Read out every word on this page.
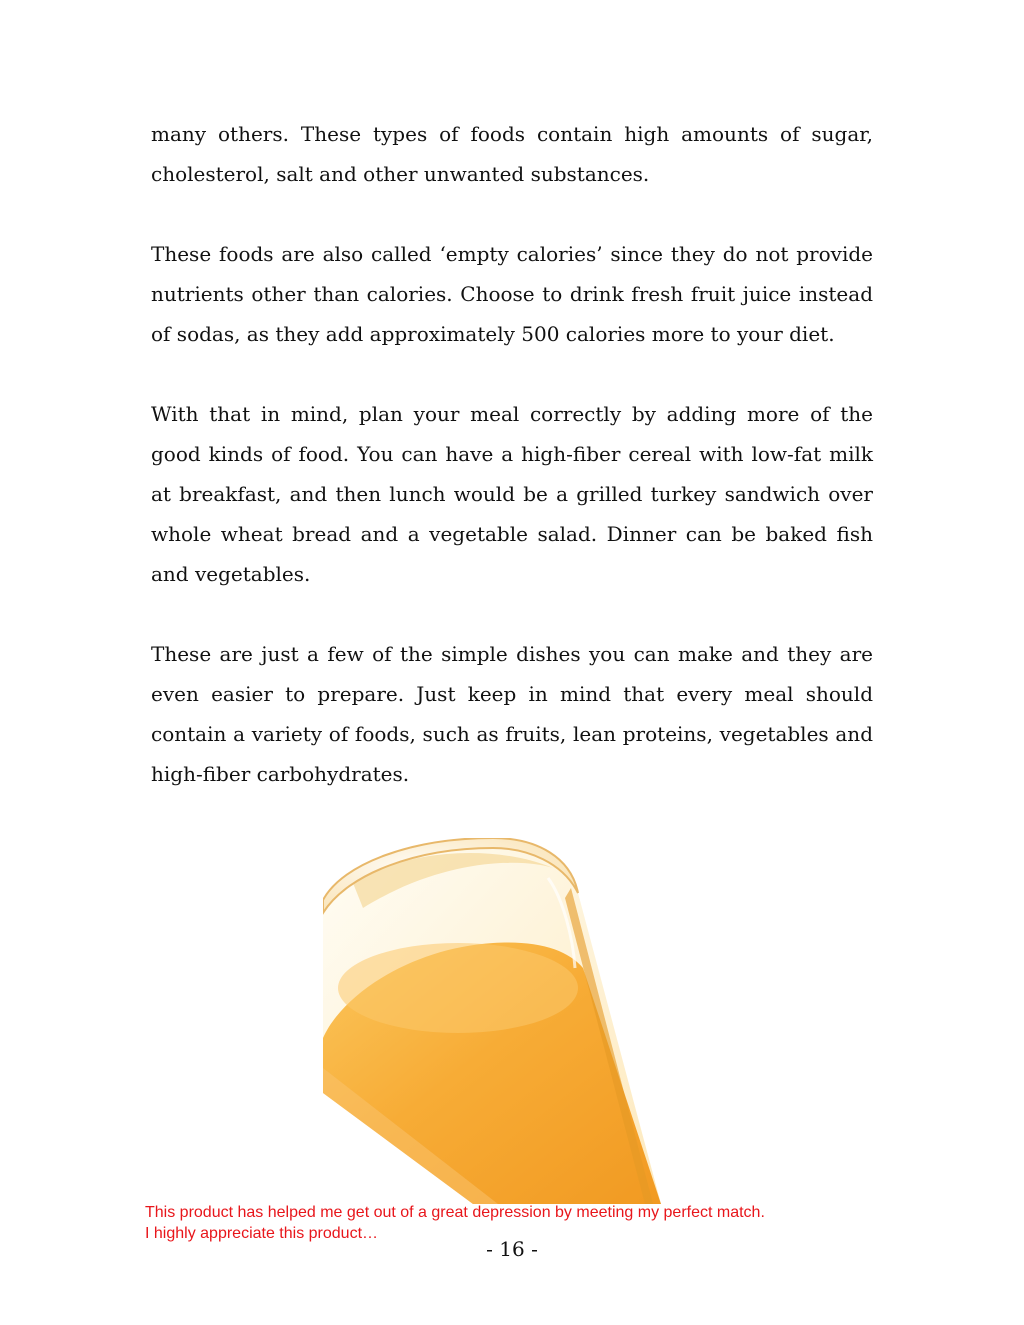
many others. These types of foods contain high amounts of sugar, cholesterol, salt and other unwanted substances.

These foods are also called ‘empty calories’ since they do not provide nutrients other than calories. Choose to drink fresh fruit juice instead of sodas, as they add approximately 500 calories more to your diet.

With that in mind, plan your meal correctly by adding more of the good kinds of food. You can have a high-fiber cereal with low-fat milk at breakfast, and then lunch would be a grilled turkey sandwich over whole wheat bread and a vegetable salad. Dinner can be baked fish and vegetables.

These are just a few of the simple dishes you can make and they are even easier to prepare. Just keep in mind that every meal should contain a variety of foods, such as fruits, lean proteins, vegetables and high-fiber carbohydrates.

This product has helped me get out of a great depression by meeting my perfect match.
I highly appreciate this product…
- 16 -
